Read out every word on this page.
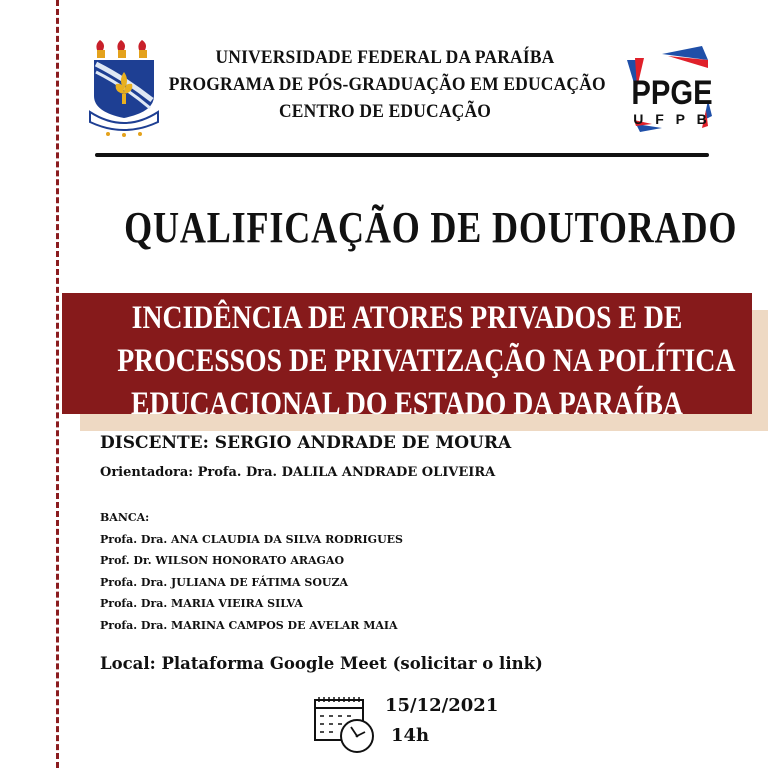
UNIVERSIDADE FEDERAL DA PARAÍBA
PROGRAMA DE PÓS-GRADUAÇÃO EM EDUCAÇÃO
CENTRO DE EDUCAÇÃO	PPGE
U F P B
QUALIFICAÇÃO DE DOUTORADO
INCIDÊNCIA DE ATORES PRIVADOS E DE
PROCESSOS DE PRIVATIZAÇÃO NA POLÍTICA
EDUCACIONAL DO ESTADO DA PARAÍBA
DISCENTE: SERGIO ANDRADE DE MOURA
Orientadora: Profa. Dra. DALILA ANDRADE OLIVEIRA
BANCA:
Profa. Dra. ANA CLAUDIA DA SILVA RODRIGUES
Prof. Dr. WILSON HONORATO ARAGAO
Profa. Dra. JULIANA DE FÁTIMA SOUZA
Profa. Dra. MARIA VIEIRA SILVA
Profa. Dra. MARINA CAMPOS DE AVELAR MAIA
Local: Plataforma Google Meet (solicitar o link)
15/12/2021
14h
